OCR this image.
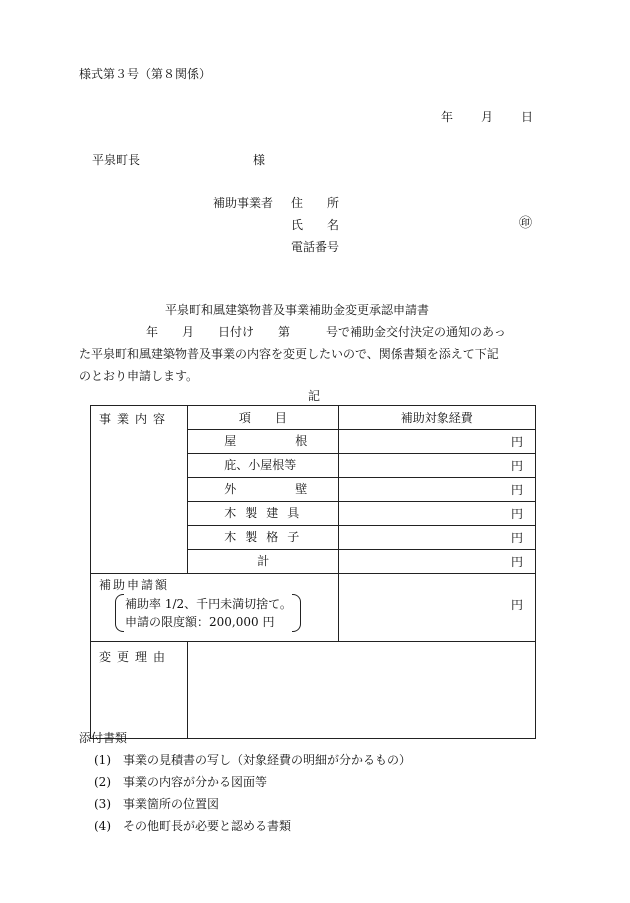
様式第３号（第８関係）
年 月 日
平泉町長	様
補助事業者 住　　所
氏　　名	㊞
電話番号
平泉町和風建築物普及事業補助金変更承認申請書
年　　月　　日付け　　第　　　号で補助金交付決定の通知のあっ
た平泉町和風建築物普及事業の内容を変更したいので、関係書類を添えて下記
のとおり申請します。
記
事業内容	項　　目	補助対象経費

	屋 根	円

	庇、小屋根等	円

	外 壁	円

	木製建具	円

	木製格子	円

	計	円

補助申請額
補助率 1/2、千円未満切捨て。
申請の限度額：200,000 円		円
変更理由		
添付書類
(1)　事業の見積書の写し（対象経費の明細が分かるもの）
(2)　事業の内容が分かる図面等
(3)　事業箇所の位置図
(4)　その他町長が必要と認める書類
